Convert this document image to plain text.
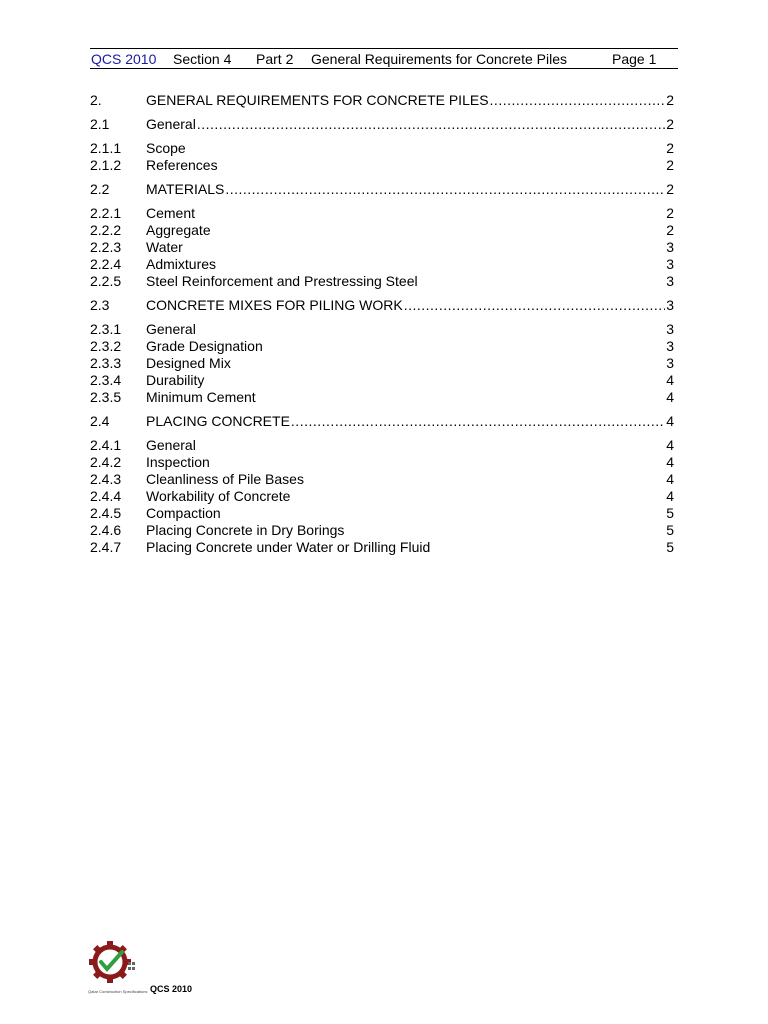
QCS 2010 Section 4 Part 2 General Requirements for Concrete Piles	Page 1
2.	GENERAL REQUIREMENTS FOR CONCRETE PILES .....	2
2.1	General .....	2
2.1.1 Scope	2
2.1.2 References	2
2.2	MATERIALS .....	2
2.2.1 Cement	2
2.2.2 Aggregate	2
2.2.3 Water	3
2.2.4 Admixtures	3
2.2.5 Steel Reinforcement and Prestressing Steel	3
2.3	CONCRETE MIXES FOR PILING WORK .....	3
2.3.1 General	3
2.3.2 Grade Designation	3
2.3.3 Designed Mix	3
2.3.4 Durability	4
2.3.5 Minimum Cement	4
2.4	PLACING CONCRETE .....	4
2.4.1 General	4
2.4.2 Inspection	4
2.4.3 Cleanliness of Pile Bases	4
2.4.4 Workability of Concrete	4
2.4.5 Compaction	5
2.4.6 Placing Concrete in Dry Borings	5
2.4.7 Placing Concrete under Water or Drilling Fluid	5
Qatar Construction Specifications QCS 2010
